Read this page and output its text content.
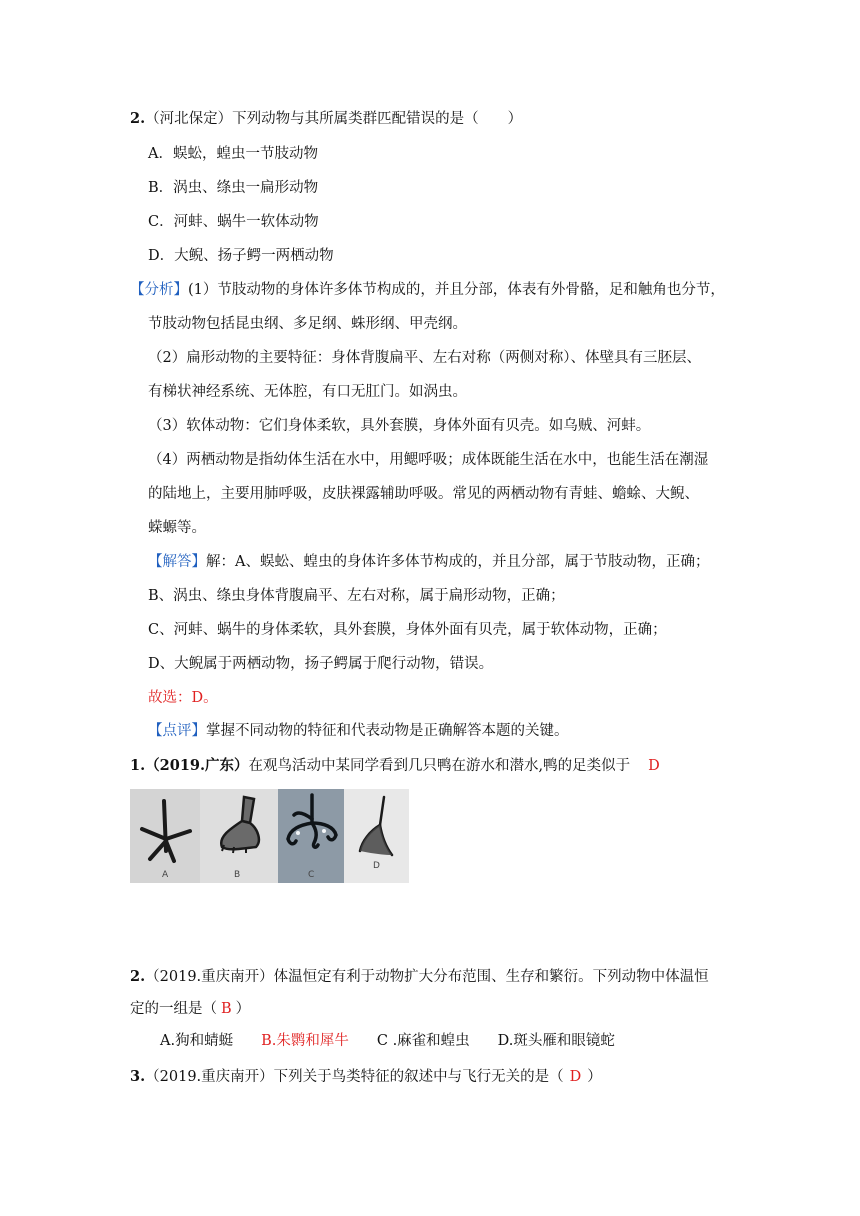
2.（河北保定）下列动物与其所属类群匹配错误的是（　　）
A．蜈蚣，蝗虫一节肢动物
B．涡虫、绦虫一扁形动物
C．河蚌、蜗牛一软体动物
D．大鲵、扬子鳄一两栖动物
【分析】(1）节肢动物的身体许多体节构成的，并且分部，体表有外骨骼，足和触角也分节，
节肢动物包括昆虫纲、多足纲、蛛形纲、甲壳纲。
（2）扁形动物的主要特征：身体背腹扁平、左右对称（两侧对称）、体壁具有三胚层、
有梯状神经系统、无体腔，有口无肛门。如涡虫。
（3）软体动物：它们身体柔软，具外套膜，身体外面有贝壳。如乌贼、河蚌。
（4）两栖动物是指幼体生活在水中，用鳃呼吸；成体既能生活在水中，也能生活在潮湿
的陆地上，主要用肺呼吸，皮肤裸露辅助呼吸。常见的两栖动物有青蛙、蟾蜍、大鲵、
蝾螈等。
【解答】解：A、蜈蚣、蝗虫的身体许多体节构成的，并且分部，属于节肢动物，正确；
B、涡虫、绦虫身体背腹扁平、左右对称，属于扁形动物，正确；
C、河蚌、蜗牛的身体柔软，具外套膜，身体外面有贝壳，属于软体动物，正确；
D、大鲵属于两栖动物，扬子鳄属于爬行动物，错误。
故选：D。
【点评】掌握不同动物的特征和代表动物是正确解答本题的关键。
1.（2019.广东）在观鸟活动中某同学看到几只鸭在游水和潜水,鸭的足类似于 D
A	B	C
D
2.（2019.重庆南开）体温恒定有利于动物扩大分布范围、生存和繁衍。下列动物中体温恒
定的一组是（ B ）
A.狗和蜻蜓 B.朱鹮和犀牛 C .麻雀和蝗虫 D.斑头雁和眼镜蛇
3.（2019.重庆南开）下列关于鸟类特征的叙述中与飞行无关的是（ D ）
